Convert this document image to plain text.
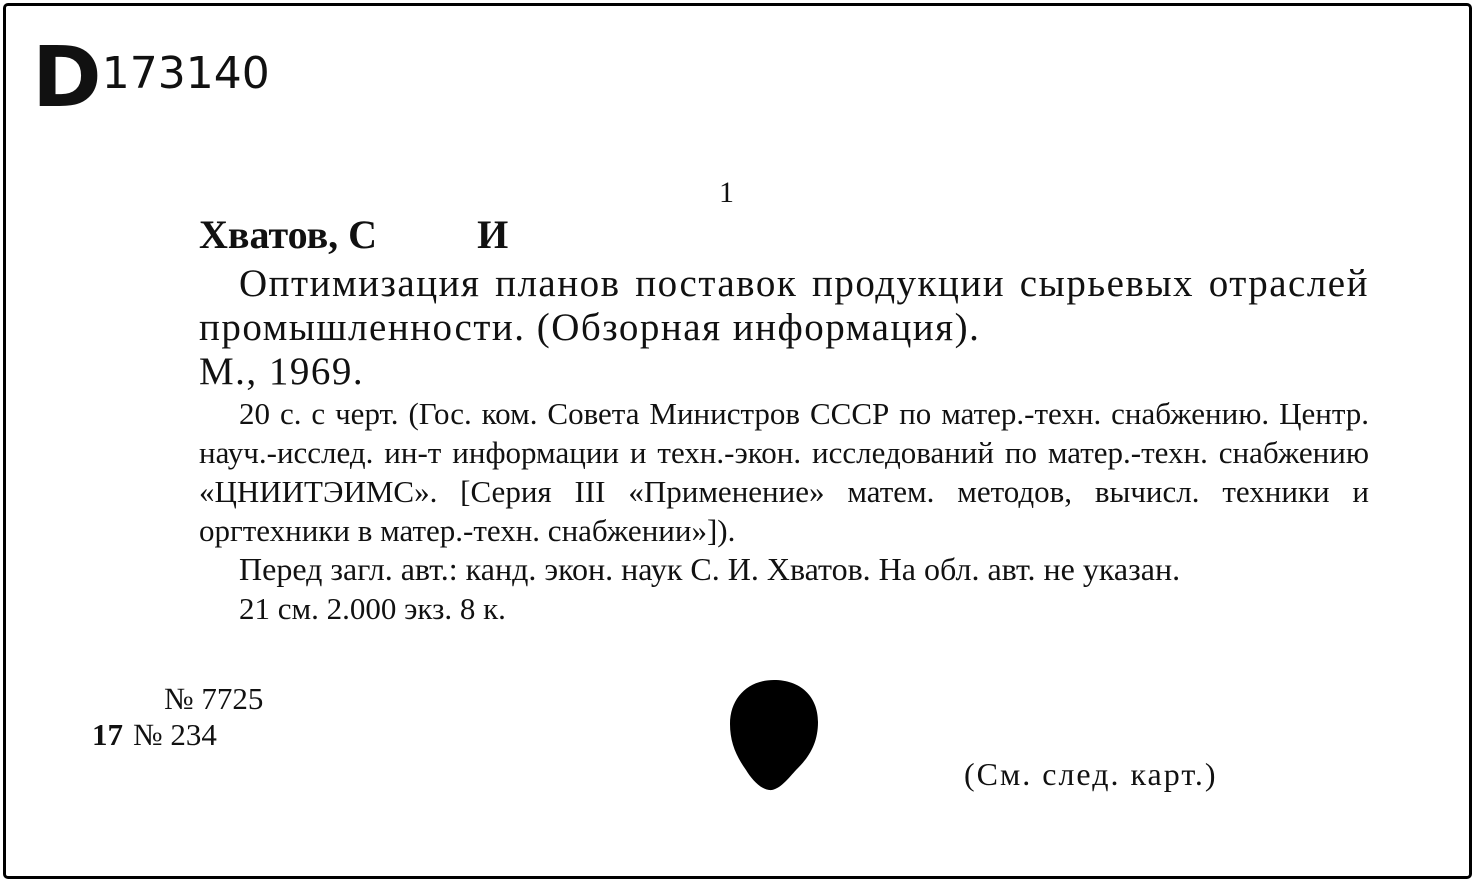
D 173140
1
Хватов, С          И

Оптимизация планов поставок продукции сырьевых отраслей промышленности. (Обзорная информация).

М., 1969.

20 с. с черт. (Гос. ком. Совета Министров СССР по матер.-техн. снабжению. Центр. науч.-исслед. ин-т информации и техн.-экон. исследований по матер.-техн. снабжению «ЦНИИТЭИМС». [Серия III «Применение» матем. методов, вычисл. техники и оргтехники в матер.-техн. снабжении»]).

Перед загл. авт.: канд. экон. наук С. И. Хватов. На обл. авт. не указан.

21 см. 2.000 экз. 8 к.

№ 7725
17 № 234
(См. след. карт.)
